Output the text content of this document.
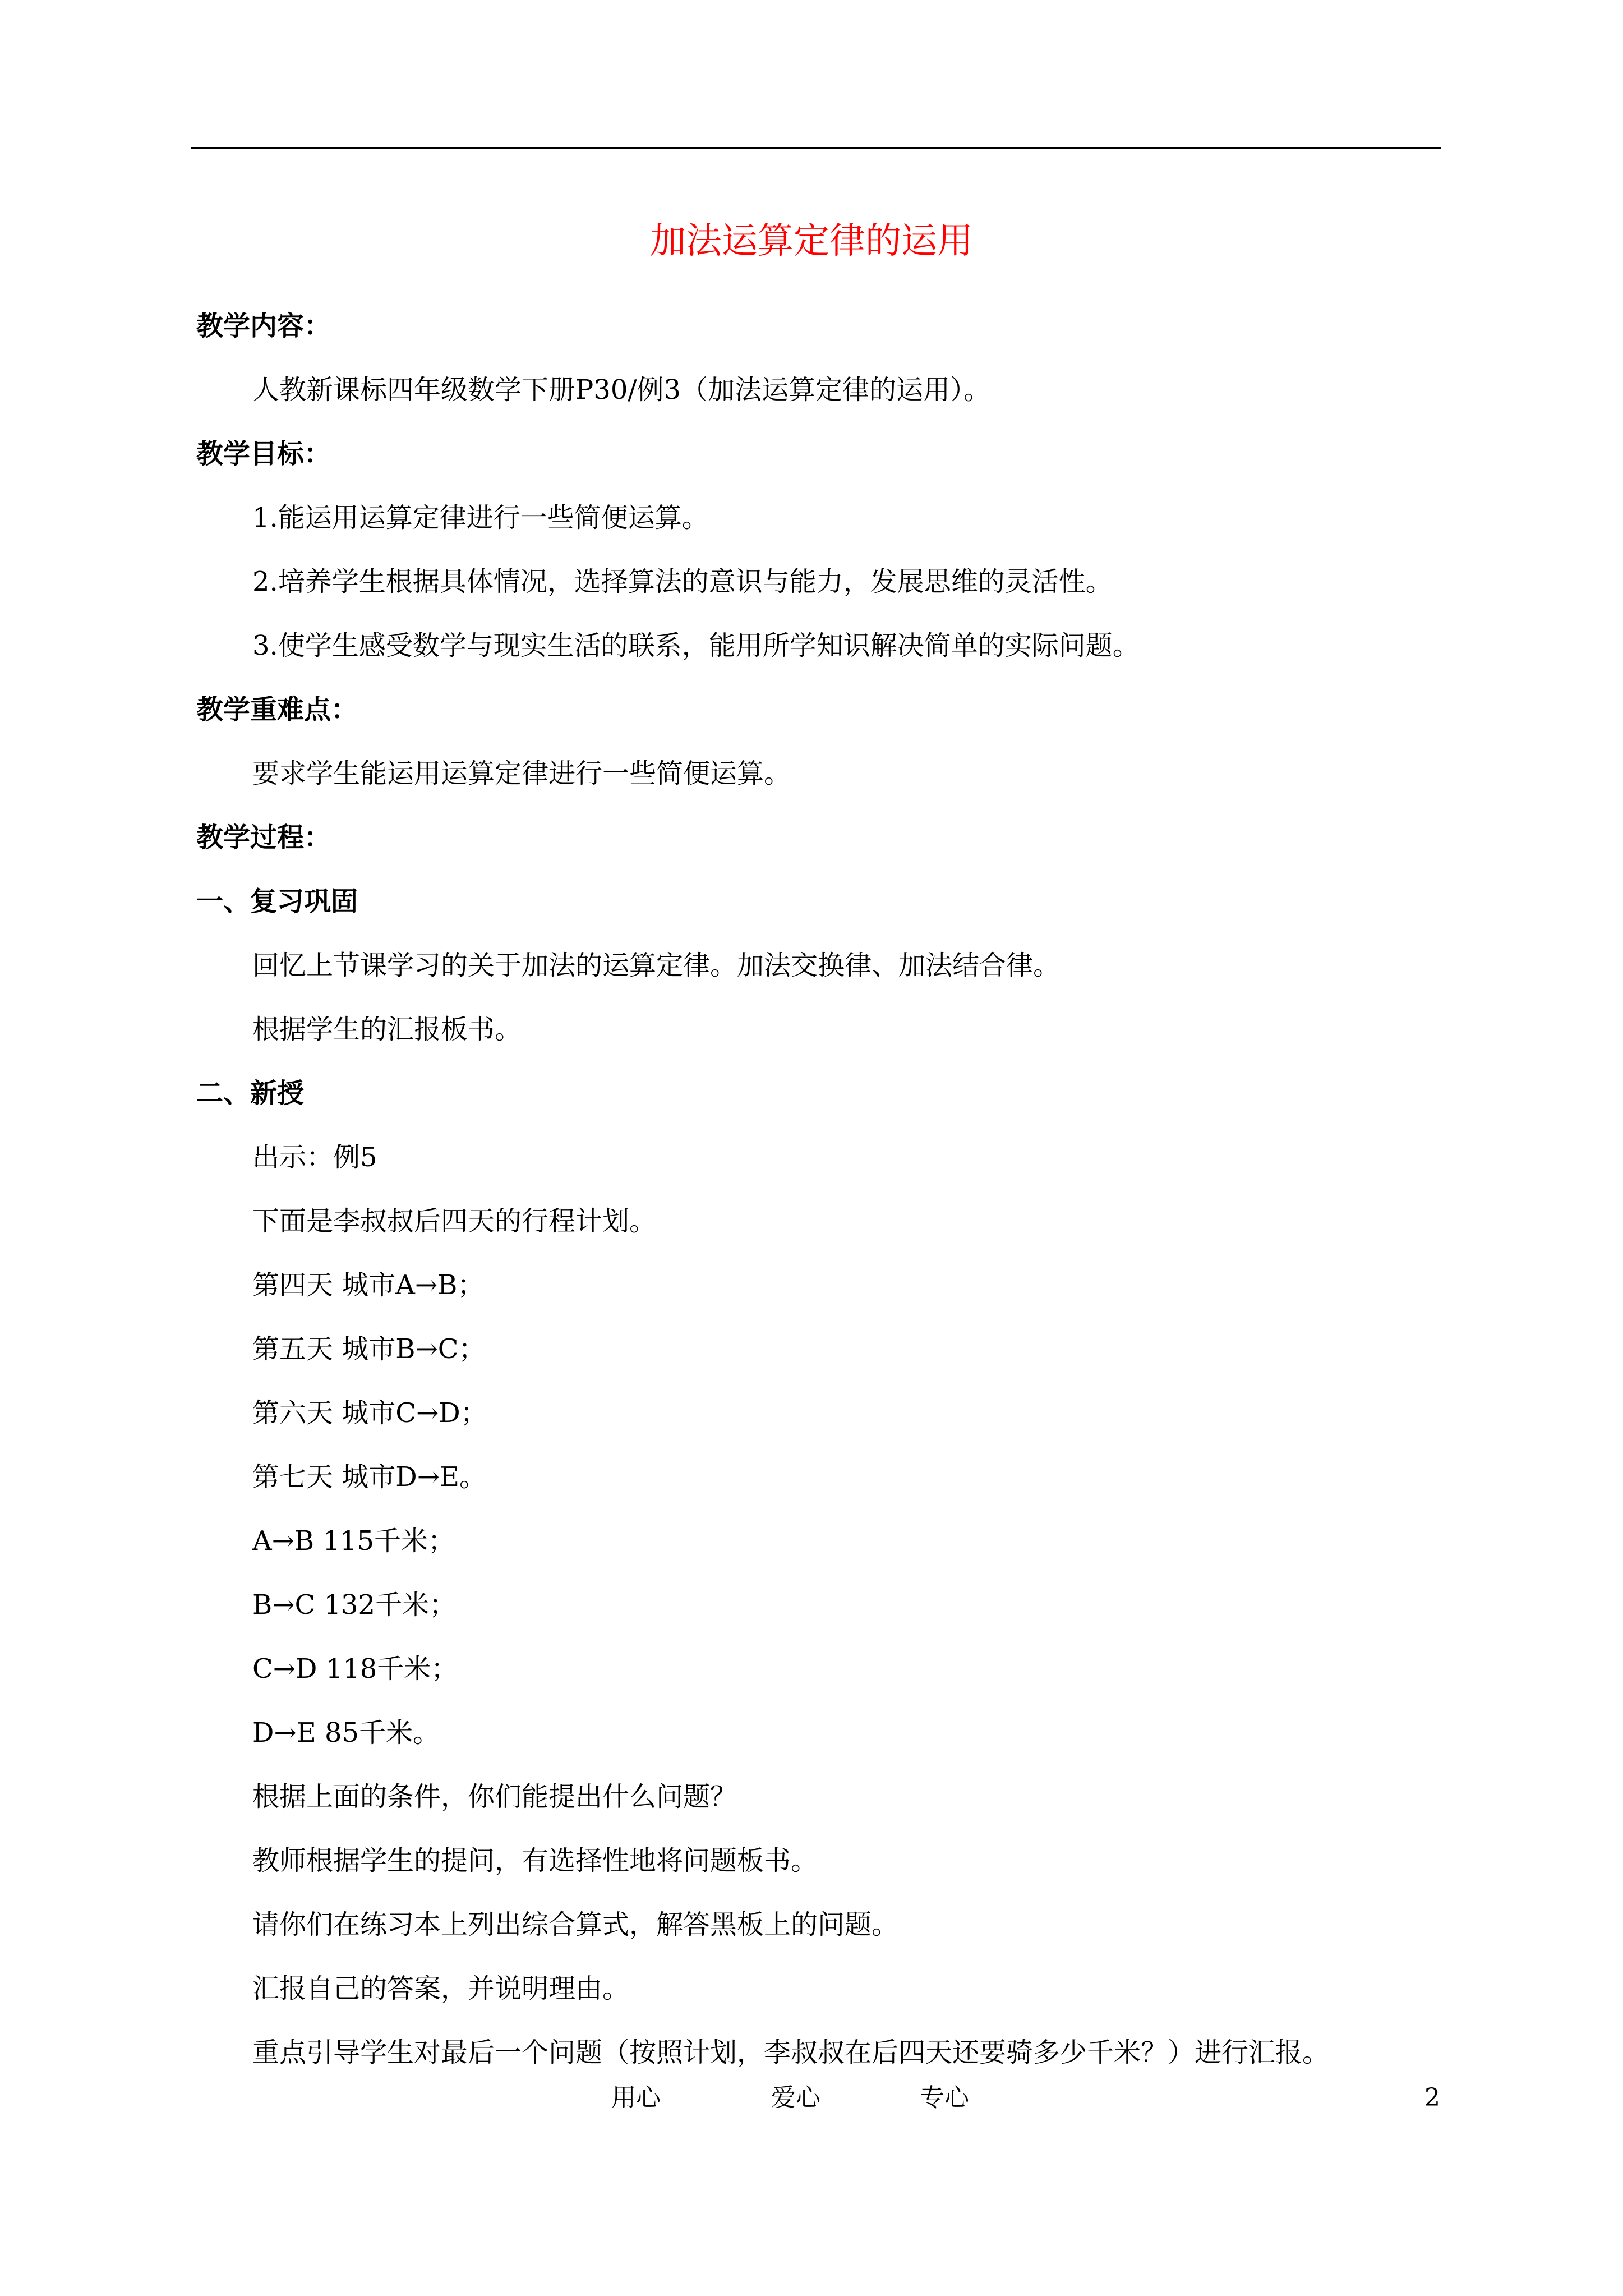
加法运算定律的运用
教学内容：
人教新课标四年级数学下册P30/例3（加法运算定律的运用）。
教学目标：
1.能运用运算定律进行一些简便运算。
2.培养学生根据具体情况，选择算法的意识与能力，发展思维的灵活性。
3.使学生感受数学与现实生活的联系，能用所学知识解决简单的实际问题。
教学重难点：
要求学生能运用运算定律进行一些简便运算。
教学过程：
一、复习巩固
回忆上节课学习的关于加法的运算定律。加法交换律、加法结合律。
根据学生的汇报板书。
二、新授
出示：例5
下面是李叔叔后四天的行程计划。
第四天 城市A→B；
第五天 城市B→C；
第六天 城市C→D；
第七天 城市D→E。
A→B 115千米；
B→C 132千米；
C→D 118千米；
D→E 85千米。
根据上面的条件，你们能提出什么问题？
教师根据学生的提问，有选择性地将问题板书。
请你们在练习本上列出综合算式，解答黑板上的问题。
汇报自己的答案，并说明理由。
重点引导学生对最后一个问题（按照计划，李叔叔在后四天还要骑多少千米？）进行汇报。
用心	爱心	专心	2
